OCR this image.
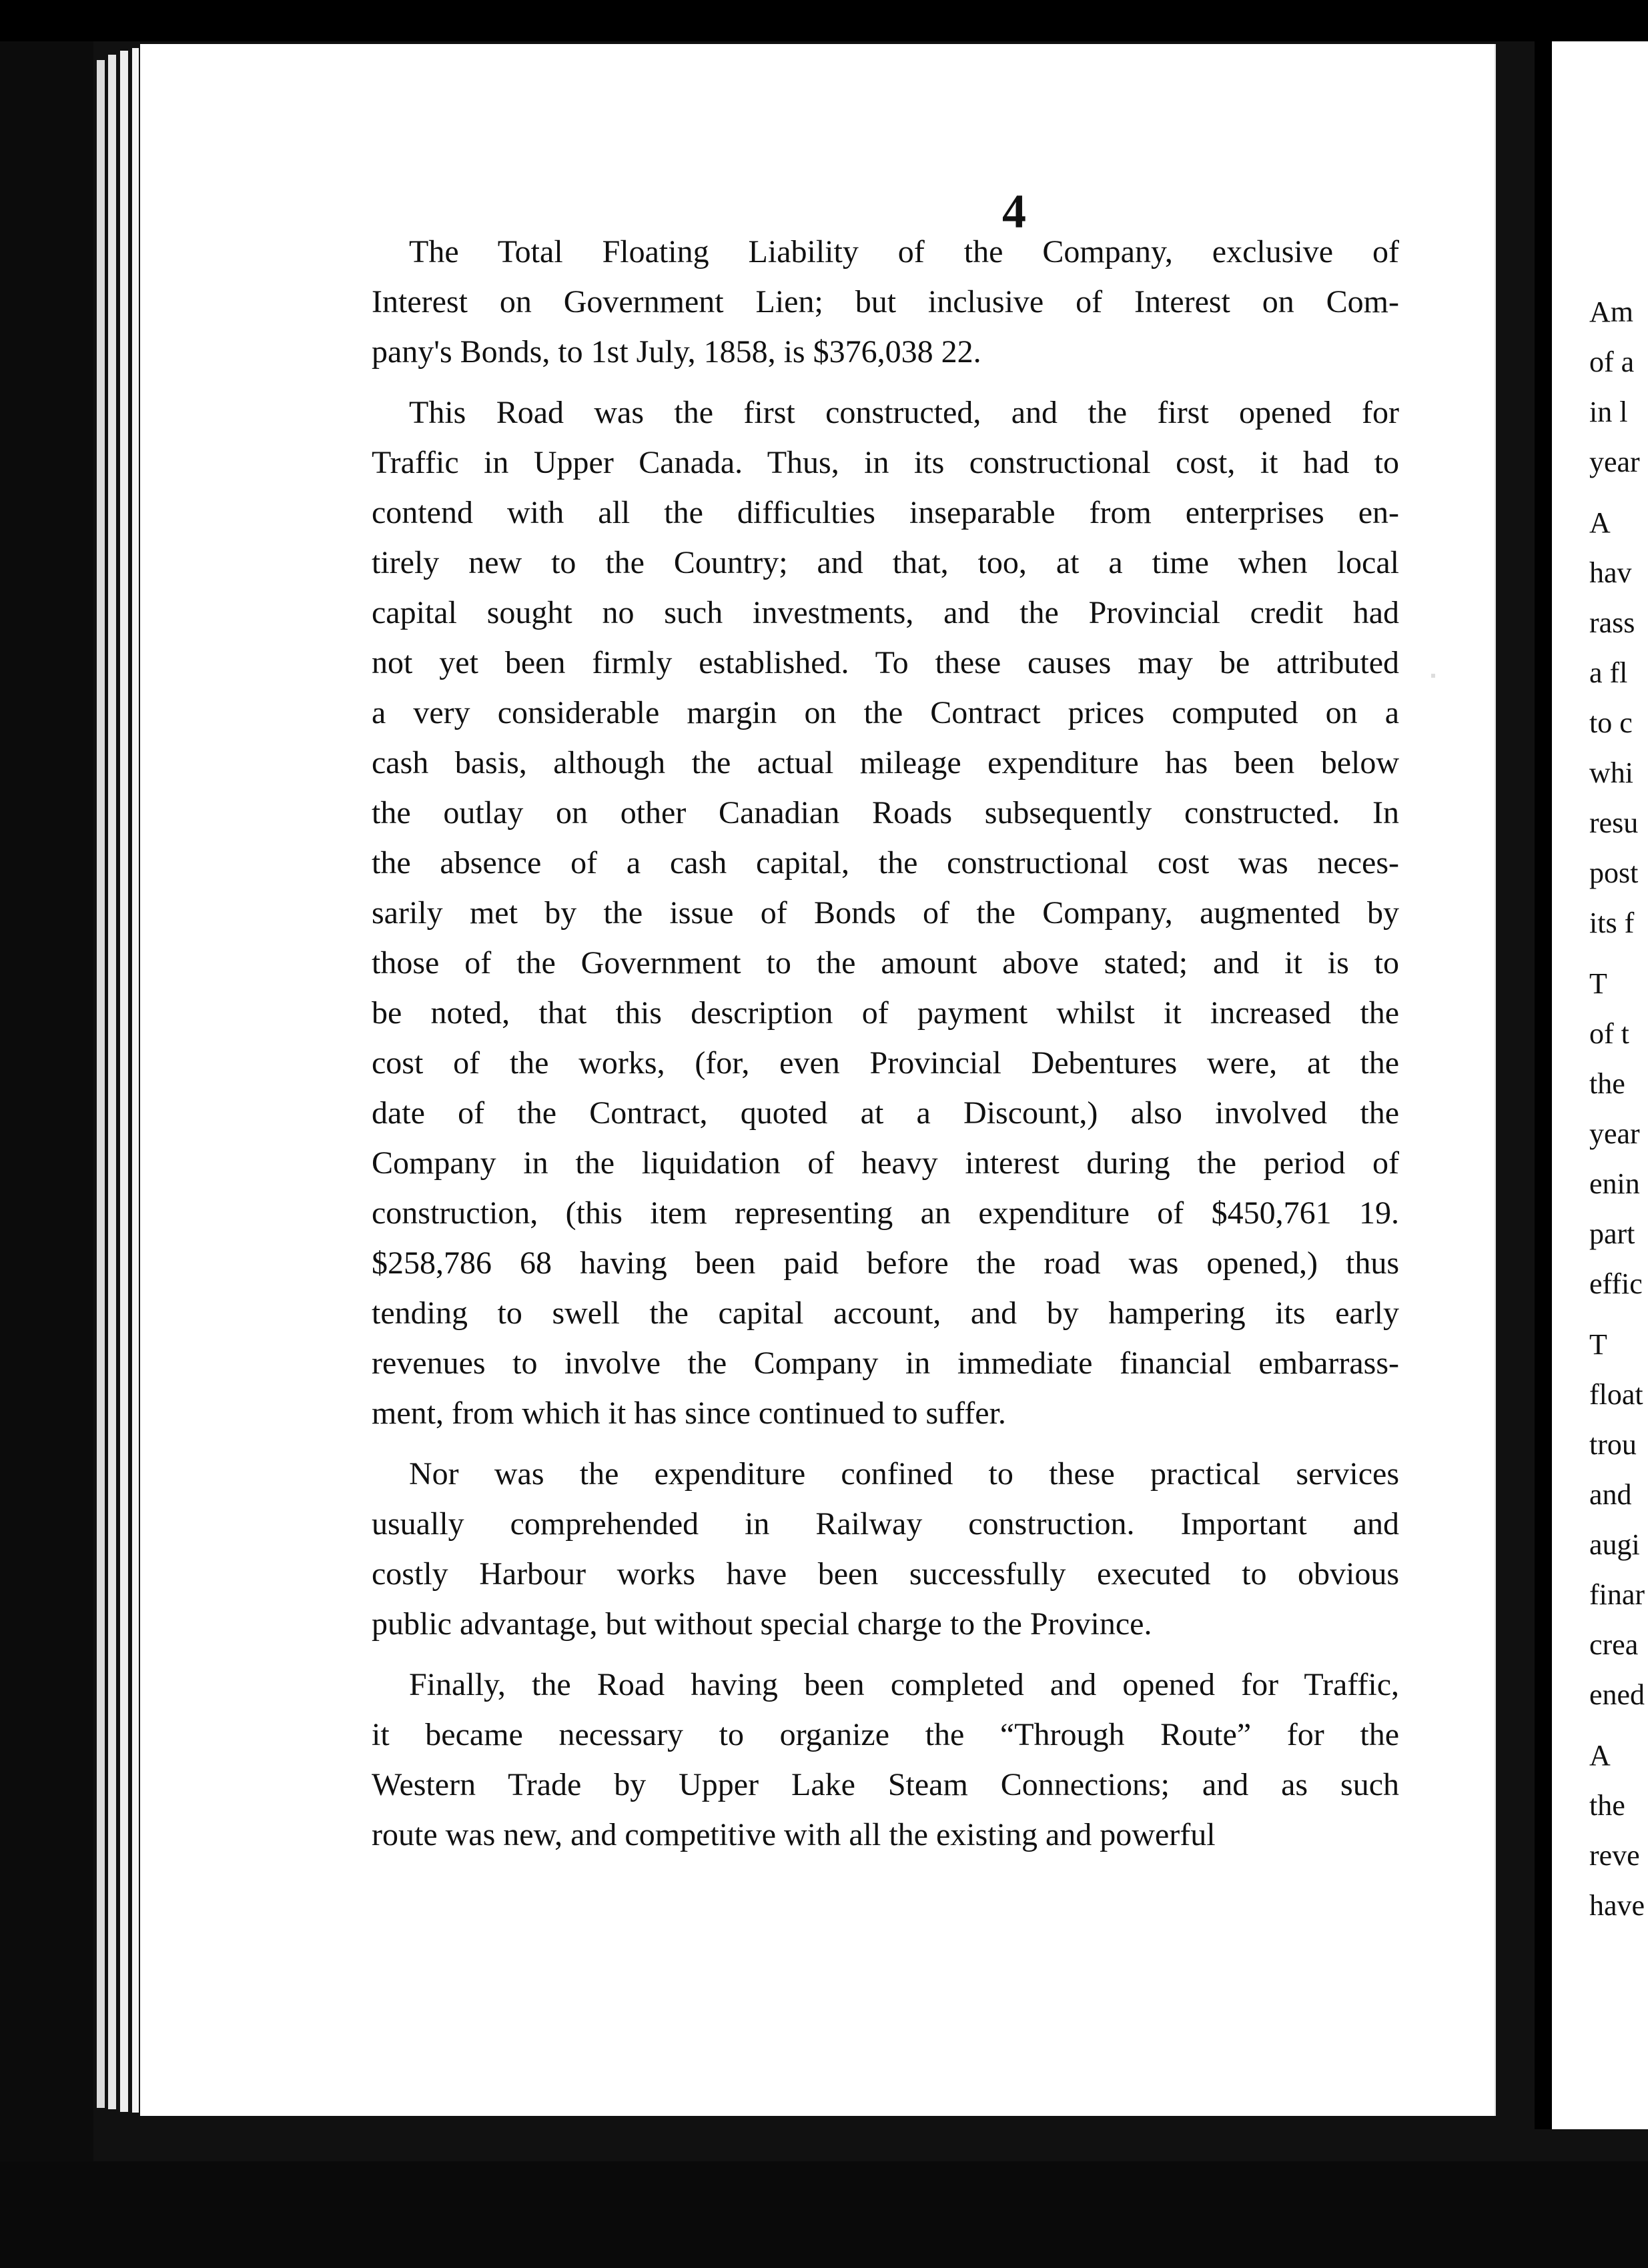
4
The Total Floating Liability of the Company, exclusive of
Interest on Government Lien; but inclusive of Interest on Com-
pany's Bonds, to 1st July, 1858, is $376,038 22.
This Road was the first constructed, and the first opened for
Traffic in Upper Canada. Thus, in its constructional cost, it had to
contend with all the difficulties inseparable from enterprises en-
tirely new to the Country; and that, too, at a time when local
capital sought no such investments, and the Provincial credit had
not yet been firmly established. To these causes may be attributed
a very considerable margin on the Contract prices computed on a
cash basis, although the actual mileage expenditure has been below
the outlay on other Canadian Roads subsequently constructed. In
the absence of a cash capital, the constructional cost was neces-
sarily met by the issue of Bonds of the Company, augmented by
those of the Government to the amount above stated; and it is to
be noted, that this description of payment whilst it increased the
cost of the works, (for, even Provincial Debentures were, at the
date of the Contract, quoted at a Discount,) also involved the
Company in the liquidation of heavy interest during the period of
construction, (this item representing an expenditure of $450,761 19.
$258,786 68 having been paid before the road was opened,) thus
tending to swell the capital account, and by hampering its early
revenues to involve the Company in immediate financial embarrass-
ment, from which it has since continued to suffer.
Nor was the expenditure confined to these practical services
usually comprehended in Railway construction. Important and
costly Harbour works have been successfully executed to obvious
public advantage, but without special charge to the Province.
Finally, the Road having been completed and opened for Traffic,
it became necessary to organize the “Through Route” for the
Western Trade by Upper Lake Steam Connections; and as such
route was new, and competitive with all the existing and powerful
Am
of a
in l
year
A
hav
rass
a fl
to c
whi
resu
post
its f
T
of t
the
year
enin
part
effic
T
float
trou
and
augi
finar
crea
ened
A
the
reve
have
